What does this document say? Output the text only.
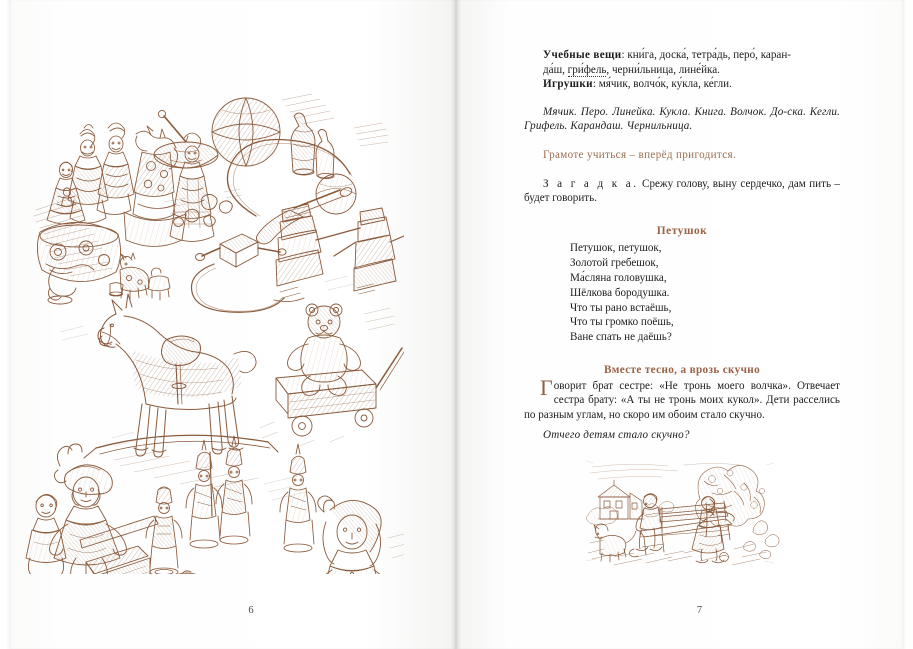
6

Учебные вещи: кни́га, доска́, тетра́дь, перо́, каран-

да́ш, гри́фель, черни́льница, лине́йка.

Игрушки: мя́чик, волчо́к, ку́кла, ке́гли.

Мячик. Перо. Линейка. Кукла. Книга. Волчок. До-ска. Кегли. Грифель. Карандаш. Чернильница.

Грамоте учиться – вперёд пригодится.

З а г а д к а. Срежу голову, выну сердечко, дам пить – будет говорить.

Петушок
Петушок, петушок,
Золотой гребешок,
Ма́сляна головушка,
Шёлкова бородушка.
Что ты рано встаёшь,
Что ты громко поёшь,
Ване спать не даёшь?
Вместе тесно, а врозь скучно

Говорит брат сестре: «Не тронь моего волчка». Отвечает сестра брату: «А ты не тронь моих кукол». Дети расселись по разным углам, но скоро им обоим стало скучно.

Отчего детям стало скучно?

7
